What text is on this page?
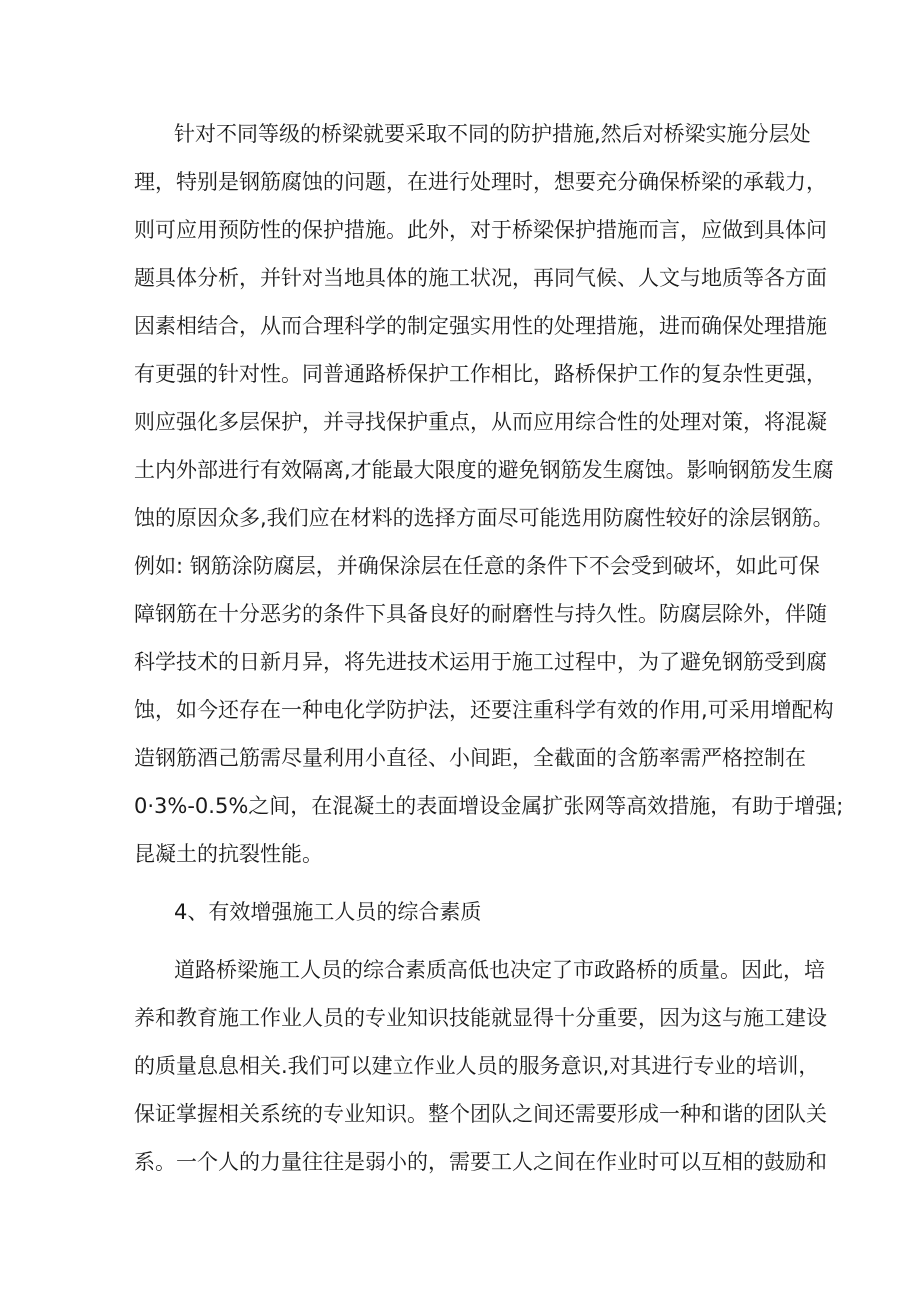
针对不同等级的桥梁就要采取不同的防护措施,然后对桥梁实施分层处
理，特别是钢筋腐蚀的问题，在进行处理时，想要充分确保桥梁的承载力，
则可应用预防性的保护措施。此外，对于桥梁保护措施而言，应做到具体问
题具体分析，并针对当地具体的施工状况，再同气候、人文与地质等各方面
因素相结合，从而合理科学的制定强实用性的处理措施，进而确保处理措施
有更强的针对性。同普通路桥保护工作相比，路桥保护工作的复杂性更强，
则应强化多层保护，并寻找保护重点，从而应用综合性的处理对策，将混凝
土内外部进行有效隔离,才能最大限度的避免钢筋发生腐蚀。影响钢筋发生腐
蚀的原因众多,我们应在材料的选择方面尽可能选用防腐性较好的涂层钢筋。
例如: 钢筋涂防腐层，并确保涂层在任意的条件下不会受到破坏，如此可保
障钢筋在十分恶劣的条件下具备良好的耐磨性与持久性。防腐层除外，伴随
科学技术的日新月异，将先进技术运用于施工过程中，为了避免钢筋受到腐
蚀，如今还存在一种电化学防护法，还要注重科学有效的作用,可采用增配构
造钢筋酒己筋需尽量利用小直径、小间距，全截面的含筋率需严格控制在
0·3%-0.5%之间，在混凝土的表面增设金属扩张网等高效措施，有助于增强;
昆凝土的抗裂性能。
4、有效增强施工人员的综合素质
道路桥梁施工人员的综合素质高低也决定了市政路桥的质量。因此，培
养和教育施工作业人员的专业知识技能就显得十分重要，因为这与施工建设
的质量息息相关.我们可以建立作业人员的服务意识,对其进行专业的培训，
保证掌握相关系统的专业知识。整个团队之间还需要形成一种和谐的团队关
系。一个人的力量往往是弱小的，需要工人之间在作业时可以互相的鼓励和
